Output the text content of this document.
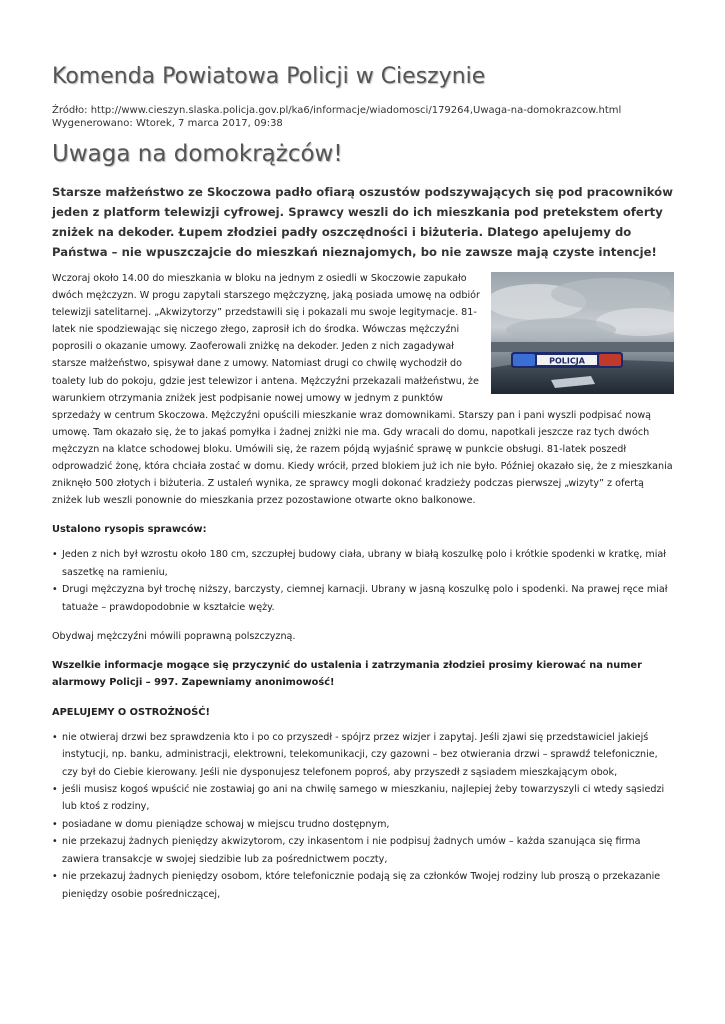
Komenda Powiatowa Policji w Cieszynie
Źródło: http://www.cieszyn.slaska.policja.gov.pl/ka6/informacje/wiadomosci/179264,Uwaga-na-domokrazcow.html
Wygenerowano: Wtorek, 7 marca 2017, 09:38
Uwaga na domokrążców!
Starsze małżeństwo ze Skoczowa padło ofiarą oszustów podszywających się pod pracowników jeden z platform telewizji cyfrowej. Sprawcy weszli do ich mieszkania pod pretekstem oferty zniżek na dekoder. Łupem złodziei padły oszczędności i biżuteria. Dlatego apelujemy do Państwa – nie wpuszczajcie do mieszkań nieznajomych, bo nie zawsze mają czyste intencje!
POLICJA

Wczoraj około 14.00 do mieszkania w bloku na jednym z osiedli w Skoczowie zapukało dwóch mężczyzn. W progu zapytali starszego mężczyznę, jaką posiada umowę na odbiór telewizji satelitarnej. „Akwizytorzy” przedstawili się i pokazali mu swoje legitymacje. 81-latek nie spodziewając się niczego złego, zaprosił ich do środka. Wówczas mężczyźni poprosili o okazanie umowy. Zaoferowali zniżkę na dekoder. Jeden z nich zagadywał starsze małżeństwo, spisywał dane z umowy. Natomiast drugi co chwilę wychodził do toalety lub do pokoju, gdzie jest telewizor i antena. Mężczyźni przekazali małżeństwu, że warunkiem otrzymania zniżek jest podpisanie nowej umowy w jednym z punktów sprzedaży w centrum Skoczowa. Mężczyźni opuścili mieszkanie wraz domownikami. Starszy pan i pani wyszli podpisać nową umowę. Tam okazało się, że to jakaś pomyłka i żadnej zniżki nie ma. Gdy wracali do domu, napotkali jeszcze raz tych dwóch mężczyzn na klatce schodowej bloku. Umówili się, że razem pójdą wyjaśnić sprawę w punkcie obsługi. 81-latek poszedł odprowadzić żonę, która chciała zostać w domu. Kiedy wrócił, przed blokiem już ich nie było. Później okazało się, że z mieszkania zniknęło 500 złotych i biżuteria. Z ustaleń wynika, ze sprawcy mogli dokonać kradzieży podczas pierwszej „wizyty” z ofertą zniżek lub weszli ponownie do mieszkania przez pozostawione otwarte okno balkonowe.

Ustalono rysopis sprawców:

• Jeden z nich był wzrostu około 180 cm, szczupłej budowy ciała, ubrany w białą koszulkę polo i krótkie spodenki w kratkę, miał saszetkę na ramieniu,
• Drugi mężczyzna był trochę niższy, barczysty, ciemnej karnacji. Ubrany w jasną koszulkę polo i spodenki. Na prawej ręce miał tatuaże – prawdopodobnie w kształcie węży.

Obydwaj mężczyźni mówili poprawną polszczyzną.

Wszelkie informacje mogące się przyczynić do ustalenia i zatrzymania złodziei prosimy kierować na numer alarmowy Policji – 997. Zapewniamy anonimowość!

APELUJEMY O OSTROŻNOŚĆ!

• nie otwieraj drzwi bez sprawdzenia kto i po co przyszedł - spójrz przez wizjer i zapytaj. Jeśli zjawi się przedstawiciel jakiejś instytucji, np. banku, administracji, elektrowni, telekomunikacji, czy gazowni – bez otwierania drzwi – sprawdź telefonicznie, czy był do Ciebie kierowany. Jeśli nie dysponujesz telefonem poproś, aby przyszedł z sąsiadem mieszkającym obok,
• jeśli musisz kogoś wpuścić nie zostawiaj go ani na chwilę samego w mieszkaniu, najlepiej żeby towarzyszyli ci wtedy sąsiedzi lub ktoś z rodziny,
• posiadane w domu pieniądze schowaj w miejscu trudno dostępnym,
• nie przekazuj żadnych pieniędzy akwizytorom, czy inkasentom i nie podpisuj żadnych umów – każda szanująca się firma zawiera transakcje w swojej siedzibie lub za pośrednictwem poczty,
• nie przekazuj żadnych pieniędzy osobom, które telefonicznie podają się za członków Twojej rodziny lub proszą o przekazanie pieniędzy osobie pośredniczącej,
